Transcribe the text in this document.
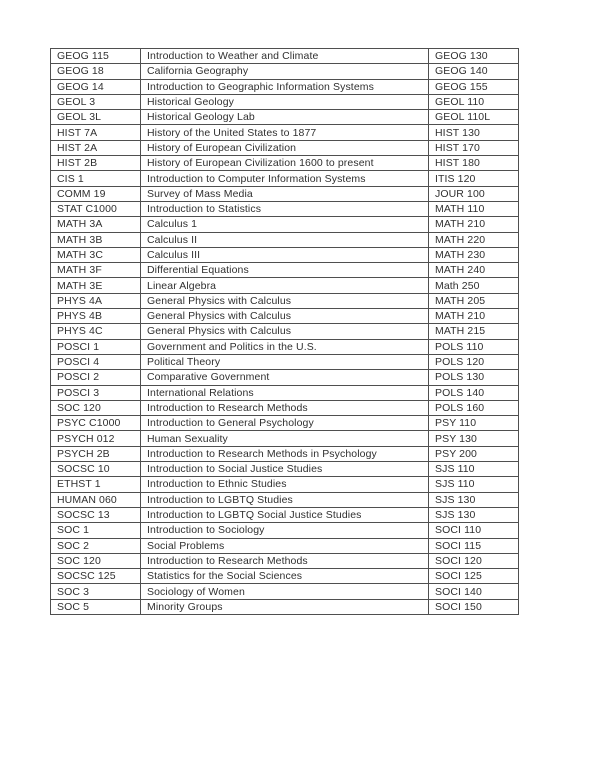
GEOG 115	Introduction to Weather and Climate	GEOG 130
GEOG 18	California Geography	GEOG 140
GEOG 14	Introduction to Geographic Information Systems	GEOG 155
GEOL 3	Historical Geology	GEOL 110
GEOL 3L	Historical Geology Lab	GEOL 110L
HIST 7A	History of the United States to 1877	HIST 130
HIST 2A	History of European Civilization	HIST 170
HIST 2B	History of European Civilization 1600 to present	HIST 180
CIS 1	Introduction to Computer Information Systems	ITIS 120
COMM 19	Survey of Mass Media	JOUR 100
STAT C1000	Introduction to Statistics	MATH 110
MATH 3A	Calculus 1	MATH 210
MATH 3B	Calculus II	MATH 220
MATH 3C	Calculus III	MATH 230
MATH 3F	Differential Equations	MATH 240
MATH 3E	Linear Algebra	Math 250
PHYS 4A	General Physics with Calculus	MATH 205
PHYS 4B	General Physics with Calculus	MATH 210
PHYS 4C	General Physics with Calculus	MATH 215
POSCI 1	Government and Politics in the U.S.	POLS 110
POSCI 4	Political Theory	POLS 120
POSCI 2	Comparative Government	POLS 130
POSCI 3	International Relations	POLS 140
SOC 120	Introduction to Research Methods	POLS 160
PSYC C1000	Introduction to General Psychology	PSY 110
PSYCH 012	Human Sexuality	PSY 130
PSYCH 2B	Introduction to Research Methods in Psychology	PSY 200
SOCSC 10	Introduction to Social Justice Studies	SJS 110
ETHST 1	Introduction to Ethnic Studies	SJS 110
HUMAN 060	Introduction to LGBTQ Studies	SJS 130
SOCSC 13	Introduction to LGBTQ Social Justice Studies	SJS 130
SOC 1	Introduction to Sociology	SOCI 110
SOC 2	Social Problems	SOCI 115
SOC 120	Introduction to Research Methods	SOCI 120
SOCSC 125	Statistics for the Social Sciences	SOCI 125
SOC 3	Sociology of Women	SOCI 140
SOC 5	Minority Groups	SOCI 150
